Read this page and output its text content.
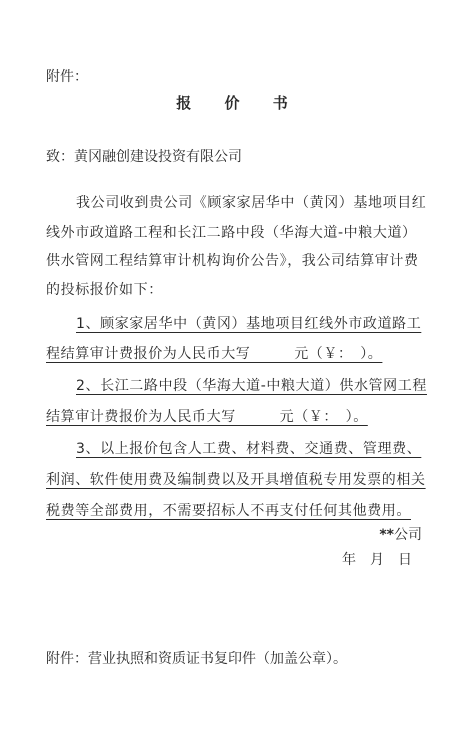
附件：
报 价 书
致：黄冈融创建设投资有限公司
我公司收到贵公司《顾家家居华中（黄冈）基地项目红
线外市政道路工程和长江二路中段（华海大道-中粮大道）
供水管网工程结算审计机构询价公告》，我公司结算审计费
的投标报价如下：
1、顾家家居华中（黄冈）基地项目红线外市政道路工
程结算审计费报价为人民币大写　　　元（￥：　）。
2、长江二路中段（华海大道-中粮大道）供水管网工程
结算审计费报价为人民币大写　　　元（￥：　）。
3、以上报价包含人工费、材料费、交通费、管理费、
利润、软件使用费及编制费以及开具增值税专用发票的相关
税费等全部费用，不需要招标人不再支付任何其他费用。
**公司
年　月　日
附件：营业执照和资质证书复印件（加盖公章）。
